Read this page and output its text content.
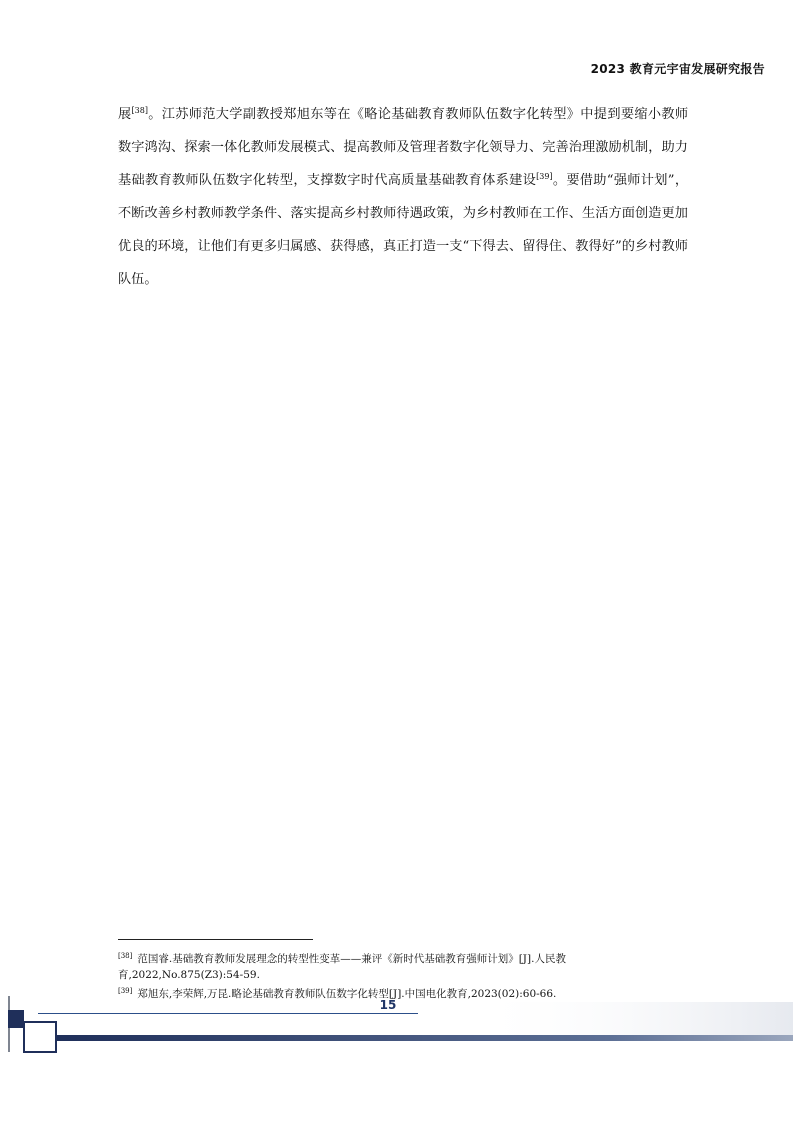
2023 教育元宇宙发展研究报告
展[38]。江苏师范大学副教授郑旭东等在《略论基础教育教师队伍数字化转型》中提到要缩小教师数字鸿沟、探索一体化教师发展模式、提高教师及管理者数字化领导力、完善治理激励机制，助力基础教育教师队伍数字化转型，支撑数字时代高质量基础教育体系建设[39]。要借助“强师计划”，不断改善乡村教师教学条件、落实提高乡村教师待遇政策，为乡村教师在工作、生活方面创造更加优良的环境，让他们有更多归属感、获得感，真正打造一支“下得去、留得住、教得好”的乡村教师队伍。

[38] 范国睿.基础教育教师发展理念的转型性变革——兼评《新时代基础教育强师计划》[J].人民教育,2022,No.875(Z3):54-59.

[39] 郑旭东,李荣辉,万昆.略论基础教育教师队伍数字化转型[J].中国电化教育,2023(02):60-66.

15
